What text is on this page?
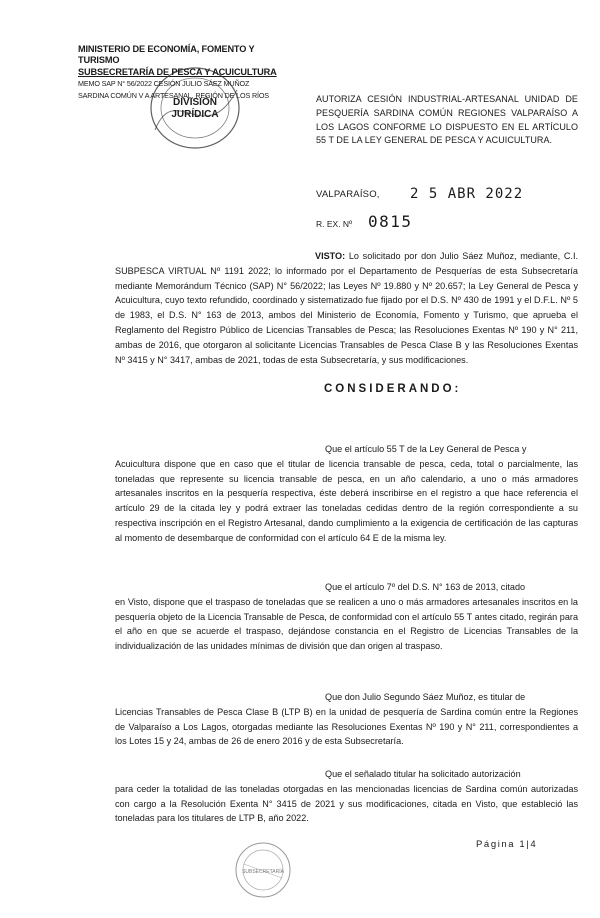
MINISTERIO DE ECONOMÍA, FOMENTO Y TURISMO
SUBSECRETARÍA DE PESCA Y ACUICULTURA
MEMO SAP N° 56/2022 CESIÓN JULIO SÁEZ MUÑOZ
SARDINA COMÚN V A ARTESANAL, REGIÓN DE LOS RÍOS
DIVISIÓN
JURÍDICA
AUTORIZA CESIÓN INDUSTRIAL-ARTESANAL UNIDAD DE PESQUERÍA SARDINA COMÚN REGIONES VALPARAÍSO A LOS LAGOS CONFORME LO DISPUESTO EN EL ARTÍCULO 55 T DE LA LEY GENERAL DE PESCA Y ACUICULTURA.
VALPARAÍSO, 2 5 ABR 2022
R. EX. Nº 0815
VISTO: Lo solicitado por don Julio Sáez Muñoz, mediante, C.I. SUBPESCA VIRTUAL Nº 1191 2022; lo informado por el Departamento de Pesquerías de esta Subsecretaría mediante Memorándum Técnico (SAP) N° 56/2022; las Leyes Nº 19.880 y Nº 20.657; la Ley General de Pesca y Acuicultura, cuyo texto refundido, coordinado y sistematizado fue fijado por el D.S. Nº 430 de 1991 y el D.F.L. Nº 5 de 1983, el D.S. N° 163 de 2013, ambos del Ministerio de Economía, Fomento y Turismo, que aprueba el Reglamento del Registro Público de Licencias Transables de Pesca; las Resoluciones Exentas Nº 190 y N° 211, ambas de 2016, que otorgaron al solicitante Licencias Transables de Pesca Clase B y las Resoluciones Exentas Nº 3415 y N° 3417, ambas de 2021, todas de esta Subsecretaría, y sus modificaciones.
CONSIDERANDO:
Que el artículo 55 T de la Ley General de Pesca y
Acuicultura dispone que en caso que el titular de licencia transable de pesca, ceda, total o parcialmente, las toneladas que represente su licencia transable de pesca, en un año calendario, a uno o más armadores artesanales inscritos en la pesquería respectiva, éste deberá inscribirse en el registro a que hace referencia el artículo 29 de la citada ley y podrá extraer las toneladas cedidas dentro de la región correspondiente a su respectiva inscripción en el Registro Artesanal, dando cumplimiento a la exigencia de certificación de las capturas al momento de desembarque de conformidad con el artículo 64 E de la misma ley.
Que el artículo 7º del D.S. N° 163 de 2013, citado
en Visto, dispone que el traspaso de toneladas que se realicen a uno o más armadores artesanales inscritos en la pesquería objeto de la Licencia Transable de Pesca, de conformidad con el artículo 55 T antes citado, regirán para el año en que se acuerde el traspaso, dejándose constancia en el Registro de Licencias Transables de la individualización de las unidades mínimas de división que dan origen al traspaso.
Que don Julio Segundo Sáez Muñoz, es titular de
Licencias Transables de Pesca Clase B (LTP B) en la unidad de pesquería de Sardina común entre la Regiones de Valparaíso a Los Lagos, otorgadas mediante las Resoluciones Exentas Nº 190 y N° 211, correspondientes a los Lotes 15 y 24, ambas de 26 de enero 2016 y de esta Subsecretaría.
Que el señalado titular ha solicitado autorización
para ceder la totalidad de las toneladas otorgadas en las mencionadas licencias de Sardina común autorizadas con cargo a la Resolución Exenta N° 3415 de 2021 y sus modificaciones, citada en Visto, que estableció las toneladas para los titulares de LTP B, año 2022.
SUBSECRETARÍA
Página 1|4
